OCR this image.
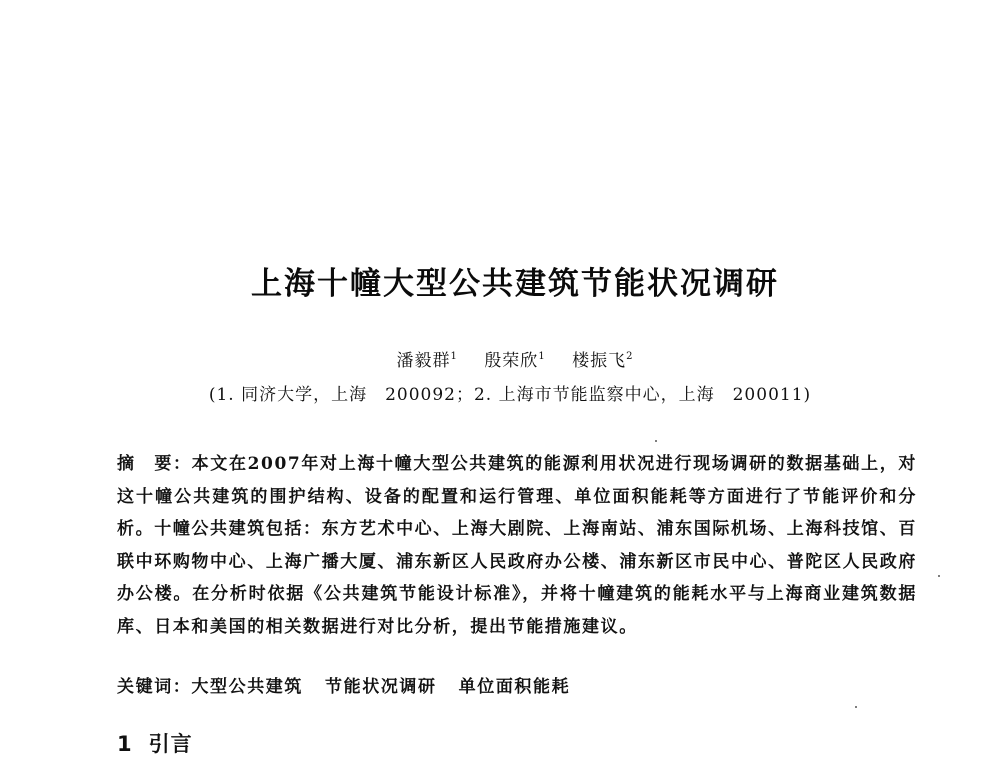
上海十幢大型公共建筑节能状况调研
潘毅群$^1$ 殷荣欣$^1$ 楼振飞$^2$
(1. 同济大学，上海　200092；2. 上海市节能监察中心，上海　200011)
摘　要：本文在2007年对上海十幢大型公共建筑的能源利用状况进行现场调研的数据基础上，对这十幢公共建筑的围护结构、设备的配置和运行管理、单位面积能耗等方面进行了节能评价和分析。十幢公共建筑包括：东方艺术中心、上海大剧院、上海南站、浦东国际机场、上海科技馆、百联中环购物中心、上海广播大厦、浦东新区人民政府办公楼、浦东新区市民中心、普陀区人民政府办公楼。在分析时依据《公共建筑节能设计标准》，并将十幢建筑的能耗水平与上海商业建筑数据库、日本和美国的相关数据进行对比分析，提出节能措施建议。
关键词：大型公共建筑 节能状况调研 单位面积能耗
1 引言
